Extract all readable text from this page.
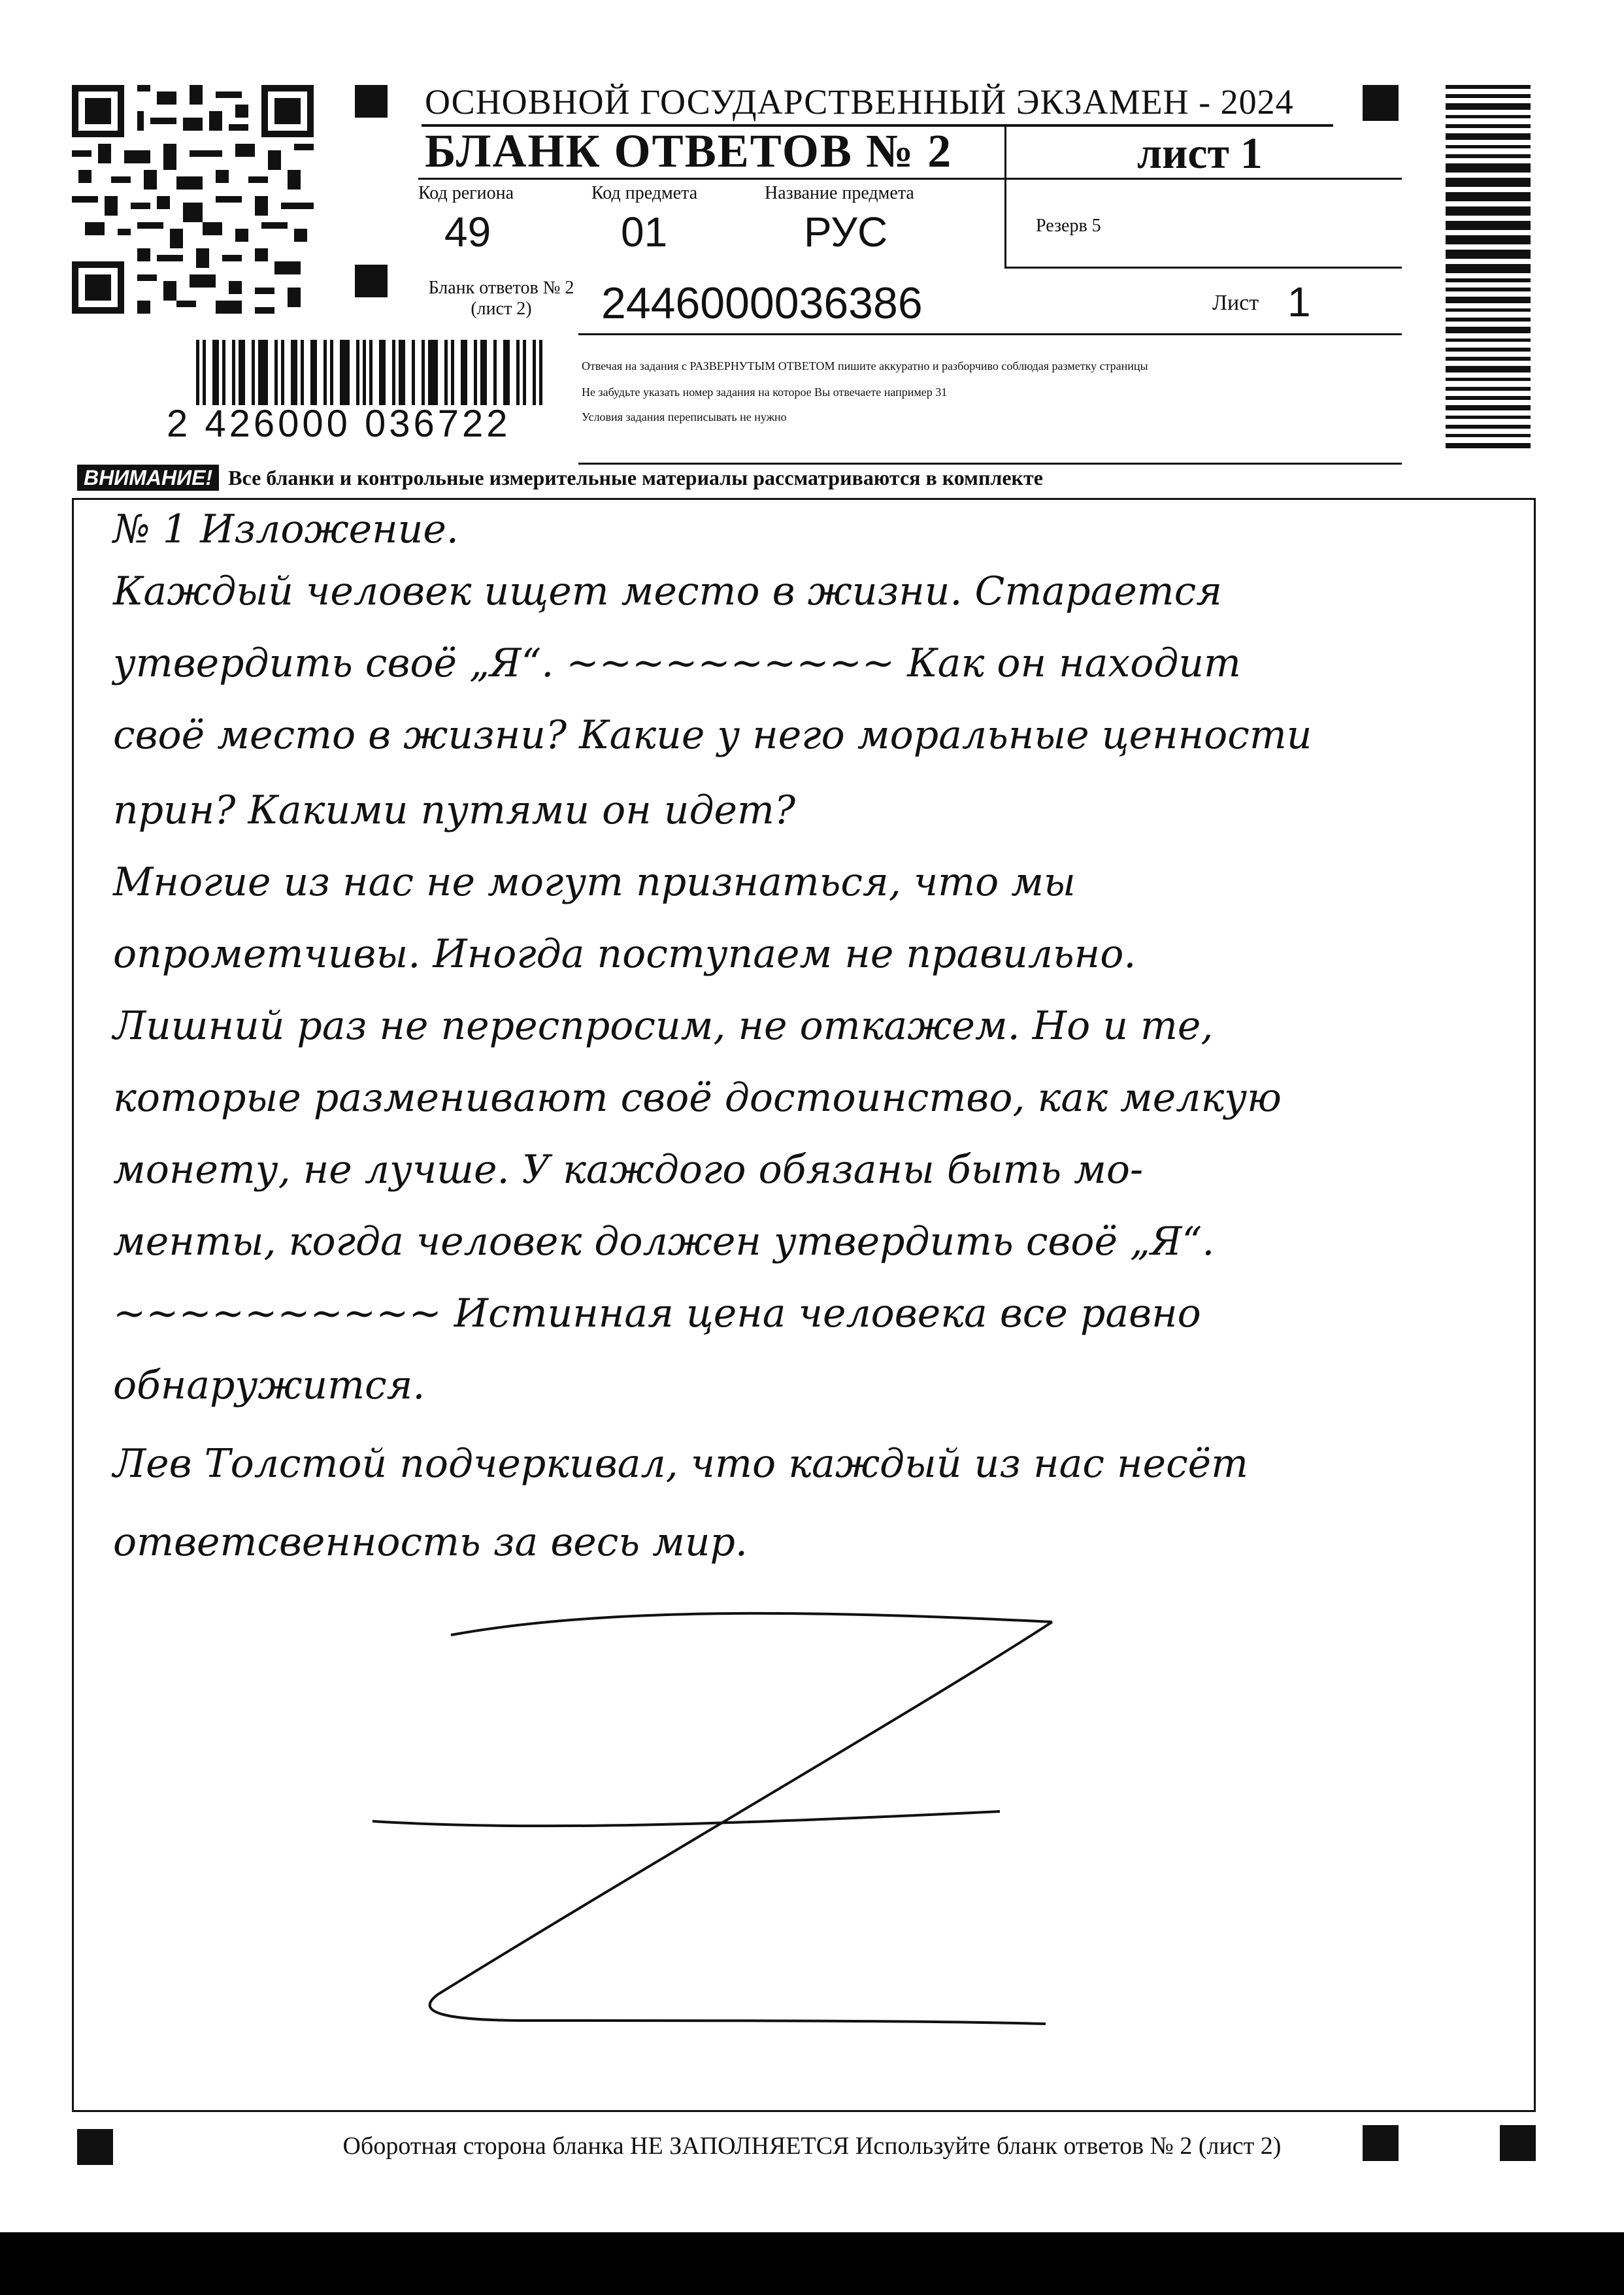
ОСНОВНОЙ ГОСУДАРСТВЕННЫЙ ЭКЗАМЕН - 2024
БЛАНК ОТВЕТОВ № 2	лист 1
Код региона
49
Код предмета
01
Название предмета
РУС	Резерв 5
Бланк ответов № 2 (лист 2)	2446000036386	Лист 1
2 426000 036722
Отвечая на задания с РАЗВЕРНУТЫМ ОТВЕТОМ пишите аккуратно и разборчиво соблюдая разметку страницы
Не забудьте указать номер задания на которое Вы отвечаете например 31
Условия задания переписывать не нужно
ВНИМАНИЕ! Все бланки и контрольные измерительные материалы рассматриваются в комплекте
№ 1 Изложение.
Каждый человек ищет место в жизни. Старается
утвердить своё „Я“. ~~~~~~~~~~ Как он находит
своё место в жизни? Какие у него моральные ценности
прин? Какими путями он идет?
Многие из нас не могут признаться, что мы
опрометчивы. Иногда поступаем не правильно.
Лишний раз не переспросим, не откажем. Но и те,
которые разменивают своё достоинство, как мелкую
монету, не лучше. У каждого обязаны быть мо-
менты, когда человек должен утвердить своё „Я“.
~~~~~~~~~~ Истинная цена человека все равно
обнаружится.
Лев Толстой подчеркивал, что каждый из нас несёт
ответсвенность за весь мир.
Оборотная сторона бланка НЕ ЗАПОЛНЯЕТСЯ Используйте бланк ответов № 2 (лист 2)
